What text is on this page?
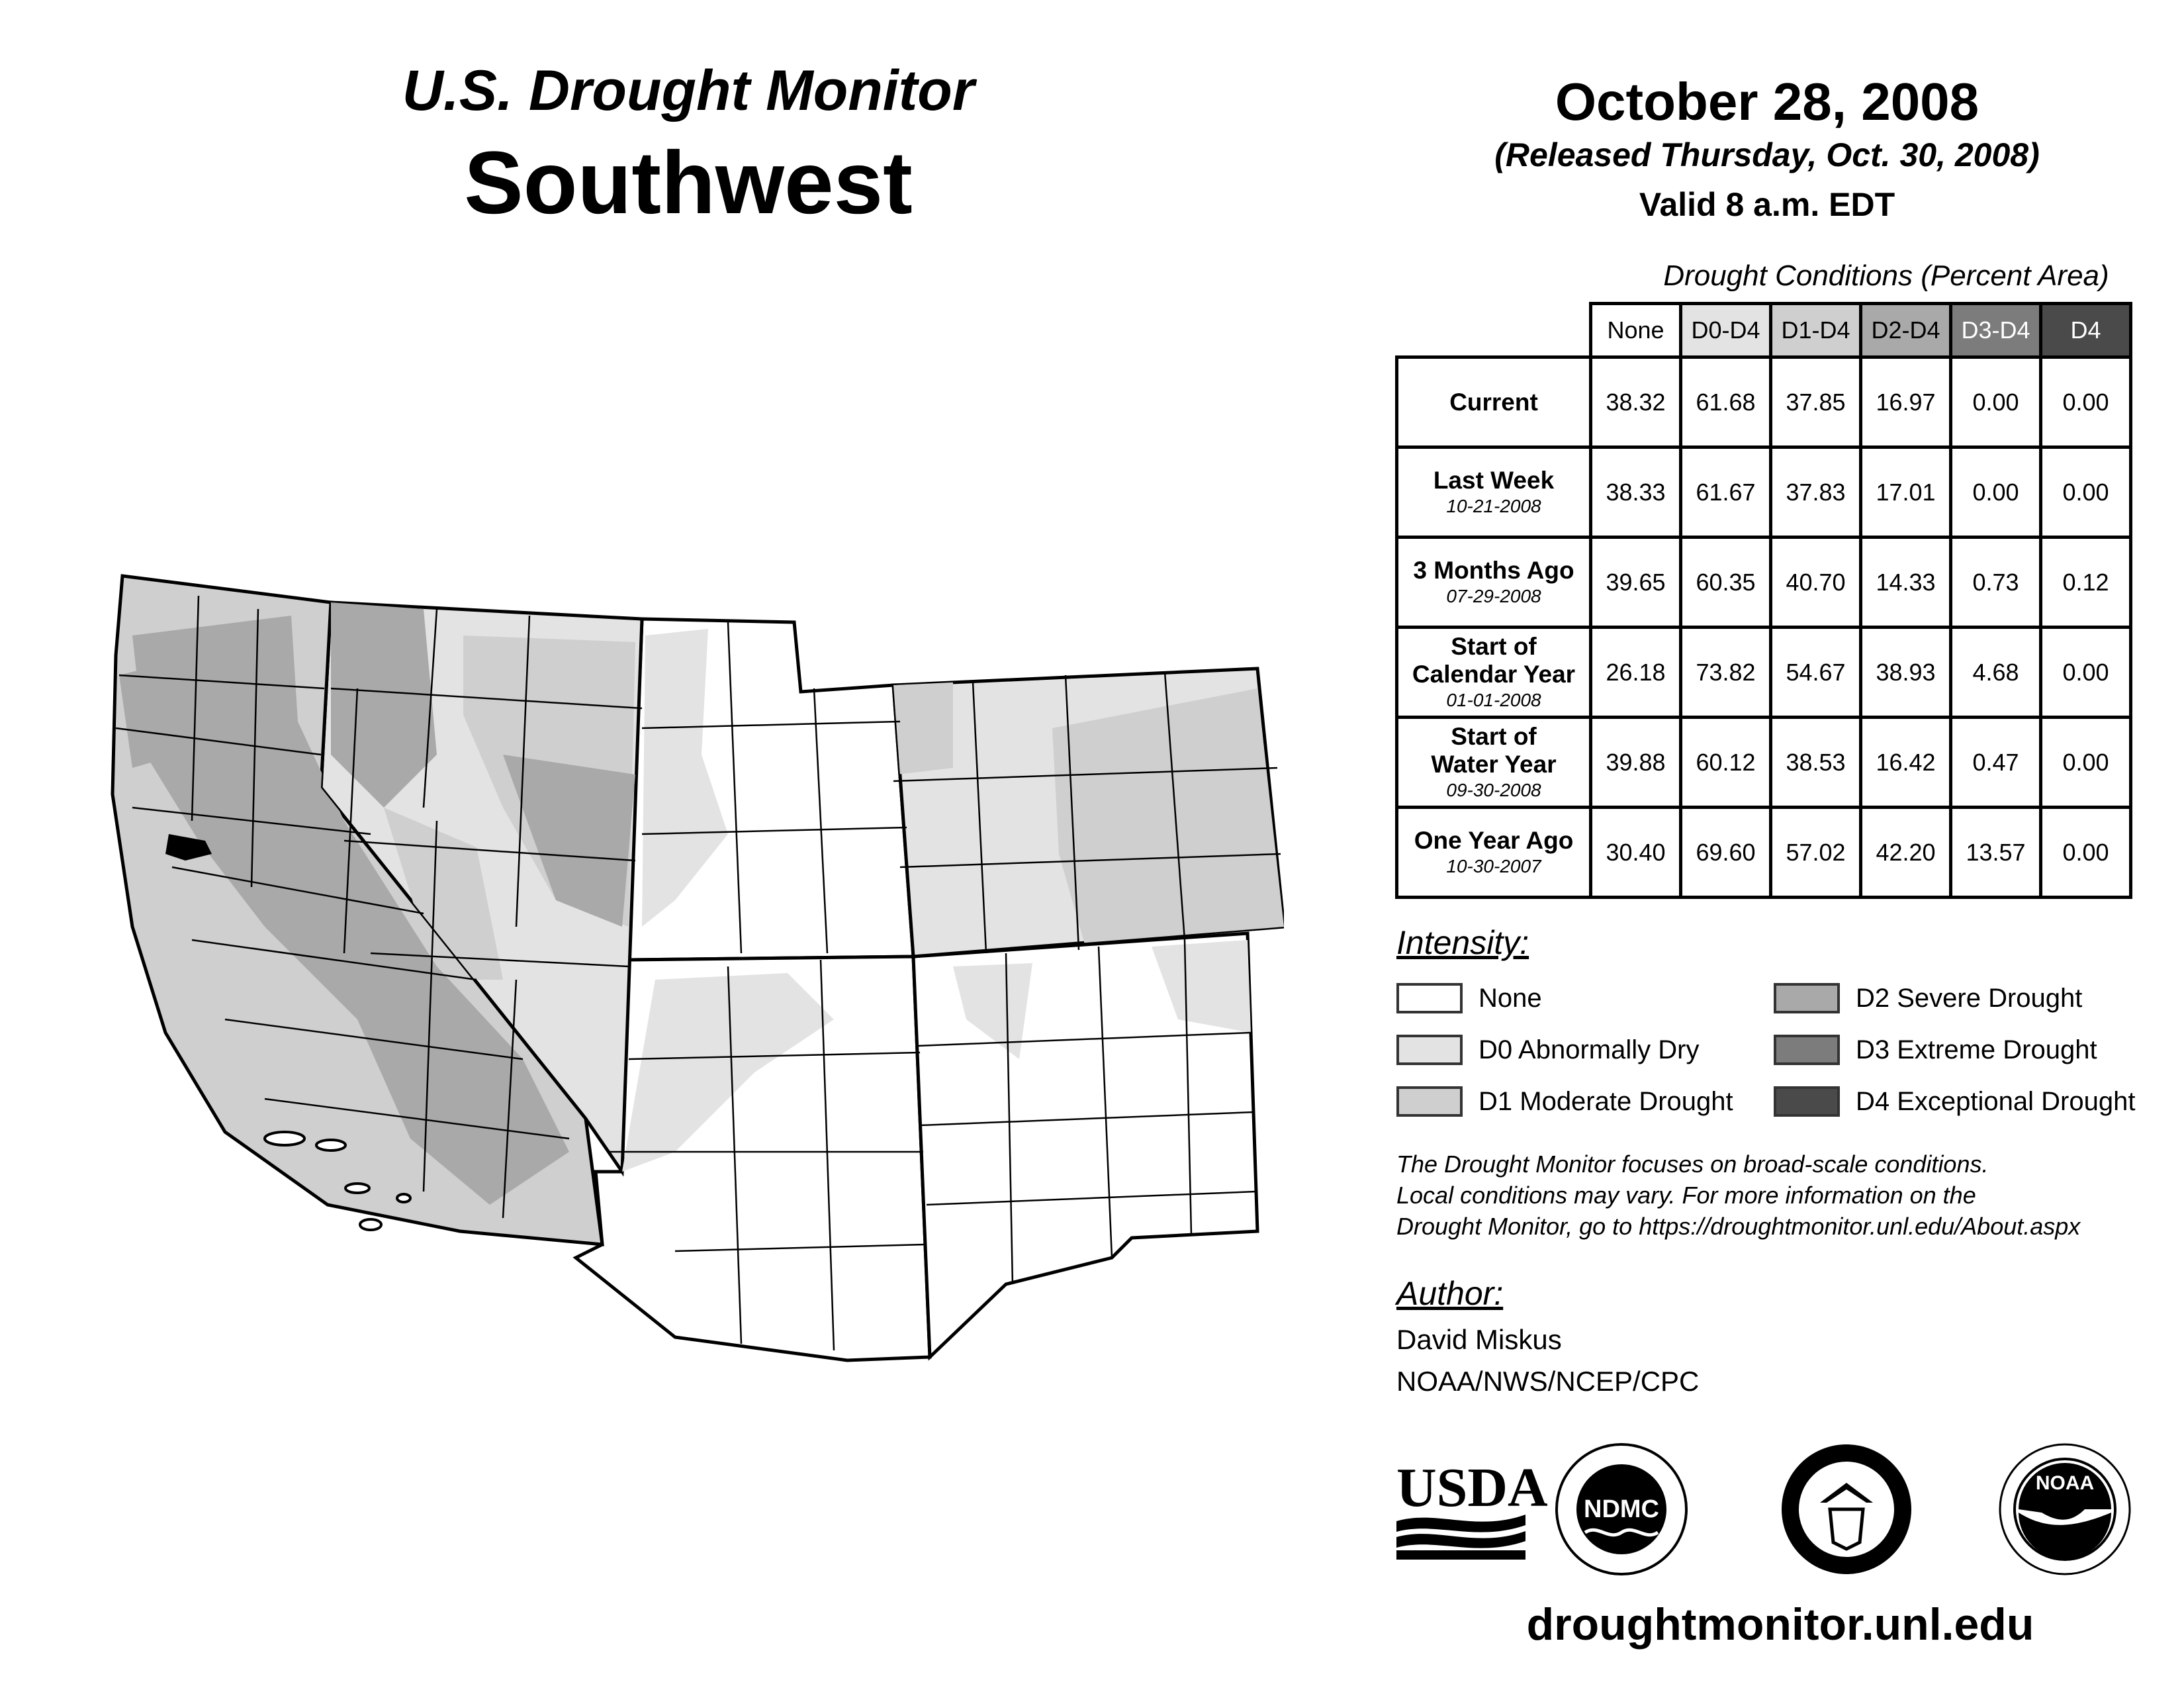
U.S. Drought Monitor
Southwest
October 28, 2008
(Released Thursday, Oct. 30, 2008)
Valid 8 a.m. EDT
Drought Conditions (Percent Area)
	None	D0-D4	D1-D4	D2-D4	D3-D4	D4
Current	38.32	61.68	37.85	16.97	0.00	0.00
Last Week
10-21-2008	38.33	61.67	37.83	17.01	0.00	0.00
3 Months Ago
07-29-2008	39.65	60.35	40.70	14.33	0.73	0.12
Start of
Calendar Year
01-01-2008	26.18	73.82	54.67	38.93	4.68	0.00
Start of
Water Year
09-30-2008	39.88	60.12	38.53	16.42	0.47	0.00
One Year Ago
10-30-2007	30.40	69.60	57.02	42.20	13.57	0.00
Intensity:
None
D0 Abnormally Dry
D1 Moderate Drought
D2 Severe Drought
D3 Extreme Drought
D4 Exceptional Drought
The Drought Monitor focuses on broad-scale conditions.
Local conditions may vary. For more information on the
Drought Monitor, go to https://droughtmonitor.unl.edu/About.aspx
Author:
David Miskus
NOAA/NWS/NCEP/CPC
USDA NDMC
NOAA
droughtmonitor.unl.edu
